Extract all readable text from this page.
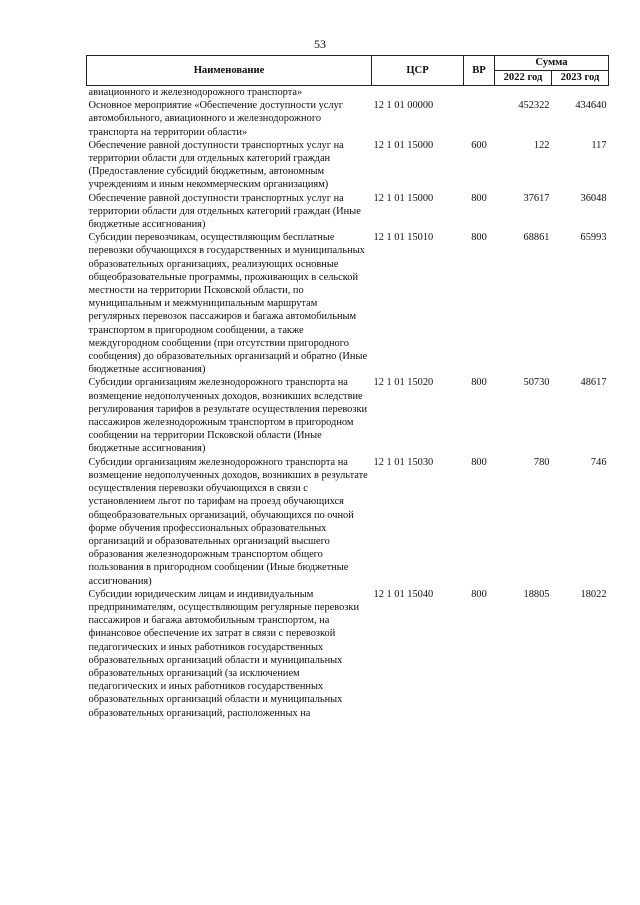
53
Наименование	ЦСР	ВР	Сумма	
			2022 год	2023 год
авиационного и железнодорожного транспорта»				
Основное мероприятие «Обеспечение доступности услуг автомобильного, авиационного и железнодорожного транспорта на территории области»	12 1 01 00000		452322	434640
Обеспечение равной доступности транспортных услуг на территории области для отдельных категорий граждан (Предоставление субсидий бюджетным, автономным учреждениям и иным некоммерческим организациям)	12 1 01 15000	600	122	117
Обеспечение равной доступности транспортных услуг на территории области для отдельных категорий граждан (Иные бюджетные ассигнования)	12 1 01 15000	800	37617	36048
Субсидии перевозчикам, осуществляющим бесплатные перевозки обучающихся в государственных и муниципальных образовательных организациях, реализующих основные общеобразовательные программы, проживающих в сельской местности на территории Псковской области, по муниципальным и межмуниципальным маршрутам регулярных перевозок пассажиров и багажа автомобильным транспортом в пригородном сообщении, а также междугородном сообщении (при отсутствии пригородного сообщения) до образовательных организаций и обратно (Иные бюджетные ассигнования)	12 1 01 15010	800	68861	65993
Субсидии организациям железнодорожного транспорта на возмещение недополученных доходов, возникших вследствие регулирования тарифов в результате осуществления перевозки пассажиров железнодорожным транспортом в пригородном сообщении на территории Псковской области (Иные бюджетные ассигнования)	12 1 01 15020	800	50730	48617
Субсидии организациям железнодорожного транспорта на возмещение недополученных доходов, возникших в результате осуществления перевозки обучающихся в связи с установлением льгот по тарифам на проезд обучающихся общеобразовательных организаций, обучающихся по очной форме обучения профессиональных образовательных организаций и образовательных организаций высшего образования железнодорожным транспортом общего пользования в пригородном сообщении (Иные бюджетные ассигнования)	12 1 01 15030	800	780	746
Субсидии юридическим лицам и индивидуальным предпринимателям, осуществляющим регулярные перевозки пассажиров и багажа автомобильным транспортом, на финансовое обеспечение их затрат в связи с перевозкой педагогических и иных работников государственных образовательных организаций области и муниципальных образовательных организаций (за исключением педагогических и иных работников государственных образовательных организаций области и муниципальных образовательных организаций, расположенных на	12 1 01 15040	800	18805	18022
